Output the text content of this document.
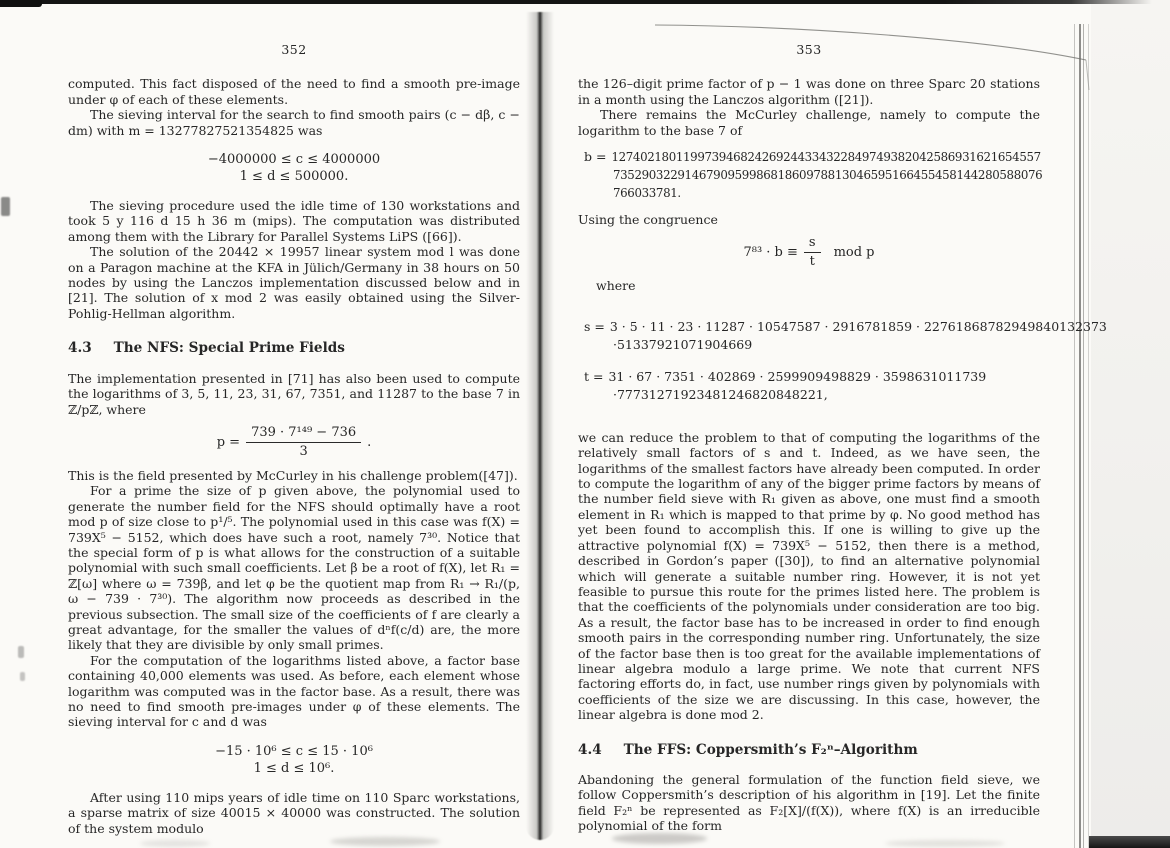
352

computed. This fact disposed of the need to find a smooth pre-image under φ of each of these elements.

The sieving interval for the search to find smooth pairs (c − dβ, c − dm) with m = 13277827521354825 was

−4000000 ≤ c ≤ 4000000
1 ≤ d ≤ 500000.

The sieving procedure used the idle time of 130 workstations and took 5 y 116 d 15 h 36 m (mips). The computation was distributed among them with the Library for Parallel Systems LiPS ([66]).

The solution of the 20442 × 19957 linear system mod l was done on a Paragon machine at the KFA in Jülich/Germany in 38 hours on 50 nodes by using the Lanczos implementation discussed below and in [21]. The solution of x mod 2 was easily obtained using the Silver-Pohlig-Hellman algorithm.

4.3 The NFS: Special Prime Fields

The implementation presented in [71] has also been used to compute the logarithms of 3, 5, 11, 23, 31, 67, 7351, and 11287 to the base 7 in ℤ/pℤ, where

$p = \frac{\text{739 · 7¹⁴⁹ − 736}}{3}$ .

This is the field presented by McCurley in his challenge problem([47]).

For a prime the size of p given above, the polynomial used to generate the number field for the NFS should optimally have a root mod p of size close to p¹/⁵. The polynomial used in this case was f(X) = 739X⁵ − 5152, which does have such a root, namely 7³⁰. Notice that the special form of p is what allows for the construction of a suitable polynomial with such small coefficients. Let β be a root of f(X), let R₁ = ℤ[ω] where ω = 739β, and let φ be the quotient map from R₁ → R₁/(p, ω − 739 · 7³⁰). The algorithm now proceeds as described in the previous subsection. The small size of the coefficients of f are clearly a great advantage, for the smaller the values of dⁿf(c/d) are, the more likely that they are divisible by only small primes.

For the computation of the logarithms listed above, a factor base containing 40,000 elements was used. As before, each element whose logarithm was computed was in the factor base. As a result, there was no need to find smooth pre-images under φ of these elements. The sieving interval for c and d was

−15 · 10⁶ ≤ c ≤ 15 · 10⁶
1 ≤ d ≤ 10⁶.

After using 110 mips years of idle time on 110 Sparc workstations, a sparse matrix of size 40015 × 40000 was constructed. The solution of the system modulo

353

the 126–digit prime factor of p − 1 was done on three Sparc 20 stations in a month using the Lanczos algorithm ([21]).

There remains the McCurley challenge, namely to compute the logarithm to the base 7 of

b = 127402180119973946824269244334322849749382042586931621654557
735290322914679095998681860978813046595166455458144280588076
766033781.

Using the congruence

$7^{83} \cdot b \equiv \frac{s}{t}$ mod p

where

s = 3 · 5 · 11 · 23 · 11287 · 10547587 · 2916781859 · 22761868782949840132373
·51337921071904669
t = 31 · 67 · 7351 · 402869 · 2599909498829 · 3598631011739
·77731271923481246820848221,

we can reduce the problem to that of computing the logarithms of the relatively small factors of s and t. Indeed, as we have seen, the logarithms of the smallest factors have already been computed. In order to compute the logarithm of any of the bigger prime factors by means of the number field sieve with R₁ given as above, one must find a smooth element in R₁ which is mapped to that prime by φ. No good method has yet been found to accomplish this. If one is willing to give up the attractive polynomial f(X) = 739X⁵ − 5152, then there is a method, described in Gordon’s paper ([30]), to find an alternative polynomial which will generate a suitable number ring. However, it is not yet feasible to pursue this route for the primes listed here. The problem is that the coefficients of the polynomials under consideration are too big. As a result, the factor base has to be increased in order to find enough smooth pairs in the corresponding number ring. Unfortunately, the size of the factor base then is too great for the available implementations of linear algebra modulo a large prime. We note that current NFS factoring efforts do, in fact, use number rings given by polynomials with coefficients of the size we are discussing. In this case, however, the linear algebra is done mod 2.

4.4 The FFS: Coppersmith’s F₂ⁿ–Algorithm

Abandoning the general formulation of the function field sieve, we follow Coppersmith’s description of his algorithm in [19]. Let the finite field F₂ⁿ be represented as F₂[X]/(f(X)), where f(X) is an irreducible polynomial of the form
